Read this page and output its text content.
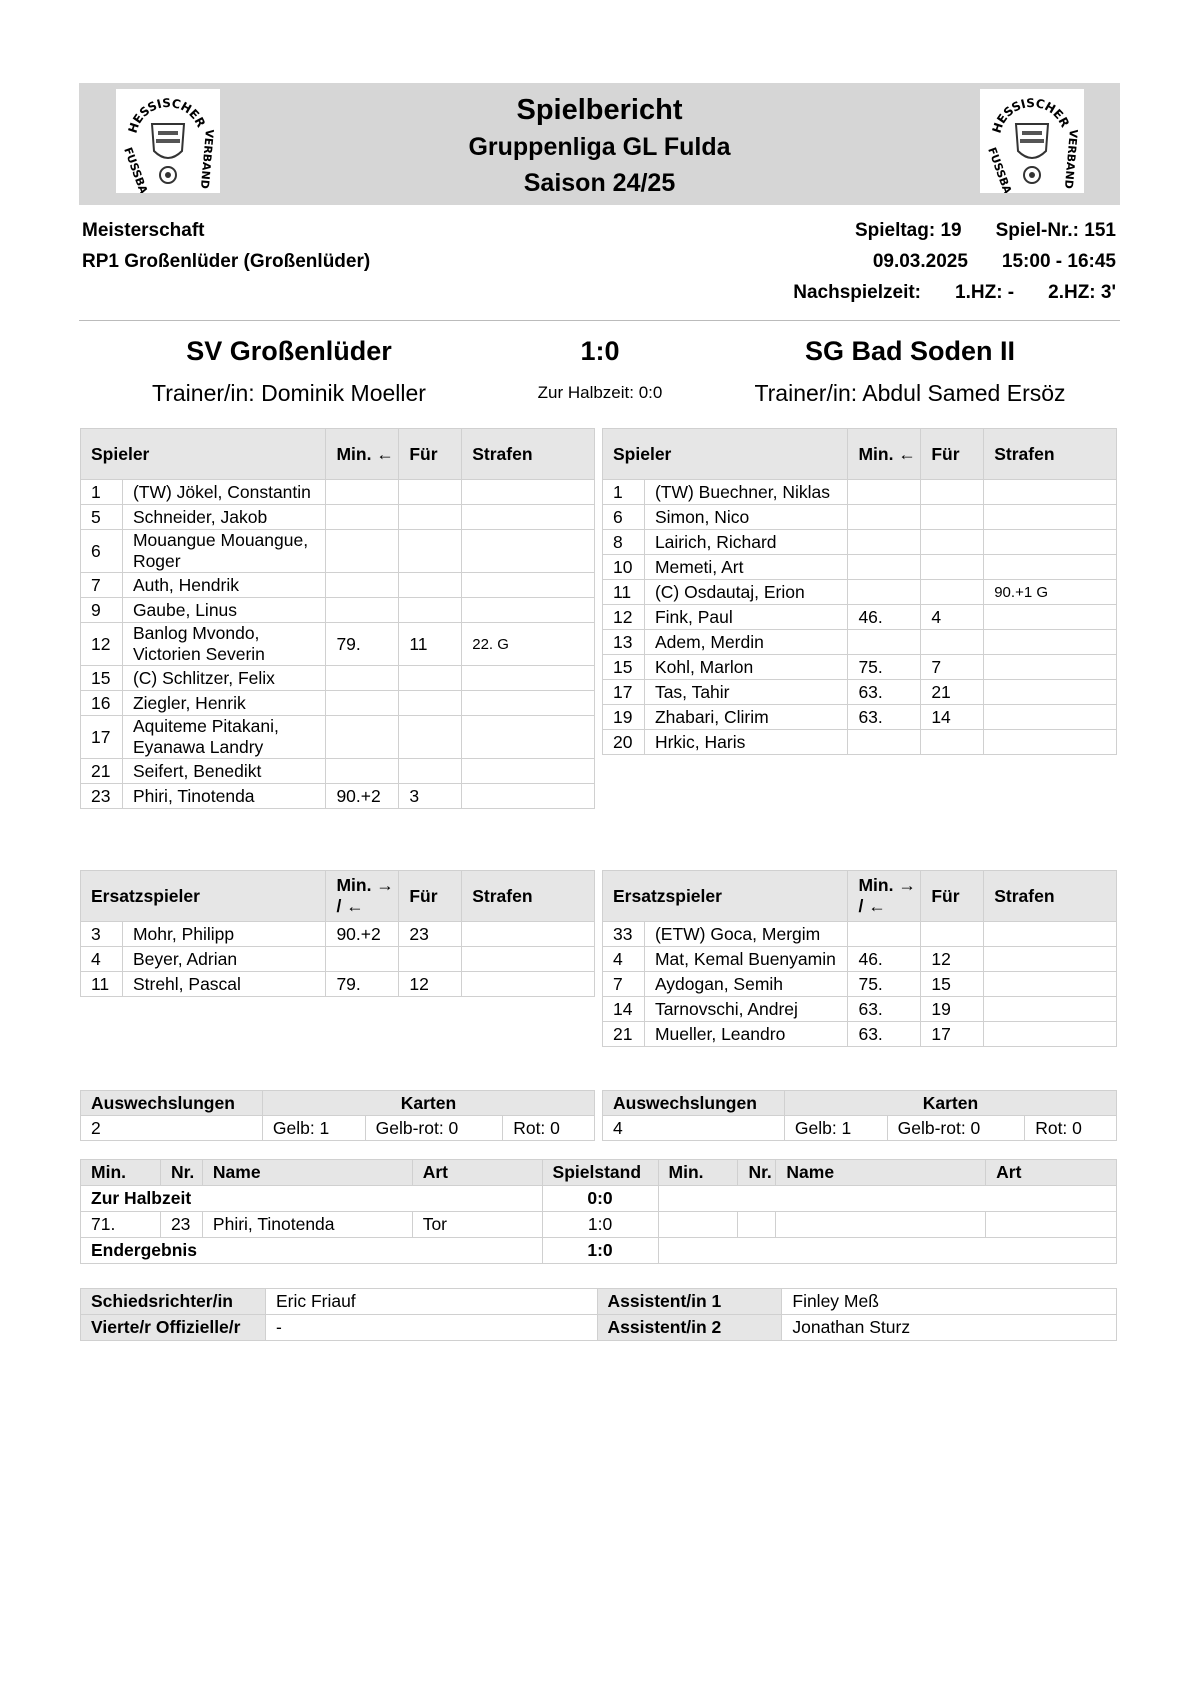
HESSISCHER
FUSSBALL	VERBAND
Spielbericht
Gruppenliga GL Fulda
Saison 24/25
HESSISCHER
FUSSBALL	VERBAND
Meisterschaft
RP1 Großenlüder (Großenlüder)
Spieltag: 19 Spiel-Nr.: 151
09.03.2025 15:00 - 16:45
Nachspielzeit: 1.HZ: - 2.HZ: 3'
SV Großenlüder	1:0	SG Bad Soden II
Trainer/in: Dominik Moeller	Zur Halbzeit: 0:0	Trainer/in: Abdul Samed Ersöz
Spieler		Min. ←	Für	Strafen
1	(TW) Jökel, Constantin			
5	Schneider, Jakob			
6	Mouangue Mouangue, Roger			
7	Auth, Hendrik			
9	Gaube, Linus			
12	Banlog Mvondo, Victorien Severin	79.	11	22. G
15	(C) Schlitzer, Felix			
16	Ziegler, Henrik			
17	Aquiteme Pitakani, Eyanawa Landry			
21	Seifert, Benedikt			
23	Phiri, Tinotenda	90.+2	3	
Spieler		Min. ←	Für	Strafen
1	(TW) Buechner, Niklas			
6	Simon, Nico			
8	Lairich, Richard			
10	Memeti, Art			
11	(C) Osdautaj, Erion			90.+1 G
12	Fink, Paul	46.	4	
13	Adem, Merdin			
15	Kohl, Marlon	75.	7	
17	Tas, Tahir	63.	21	
19	Zhabari, Clirim	63.	14	
20	Hrkic, Haris			
Ersatzspieler		Min. → / ←	Für	Strafen
3	Mohr, Philipp	90.+2	23	
4	Beyer, Adrian			
11	Strehl, Pascal	79.	12	
Ersatzspieler		Min. → / ←	Für	Strafen
33	(ETW) Goca, Mergim			
4	Mat, Kemal Buenyamin	46.	12	
7	Aydogan, Semih	75.	15	
14	Tarnovschi, Andrej	63.	19	
21	Mueller, Leandro	63.	17	
Auswechslungen	Karten		
2	Gelb: 1	Gelb-rot: 0	Rot: 0
Auswechslungen	Karten		
4	Gelb: 1	Gelb-rot: 0	Rot: 0
Min.	Nr.	Name	Art	Spielstand	Min.	Nr.	Name	Art
Zur Halbzeit				0:0				
71.	23	Phiri, Tinotenda	Tor	1:0				
Endergebnis				1:0				
Schiedsrichter/in	Eric Friauf	Assistent/in 1	Finley Meß
Vierte/r Offizielle/r	-	Assistent/in 2	Jonathan Sturz
